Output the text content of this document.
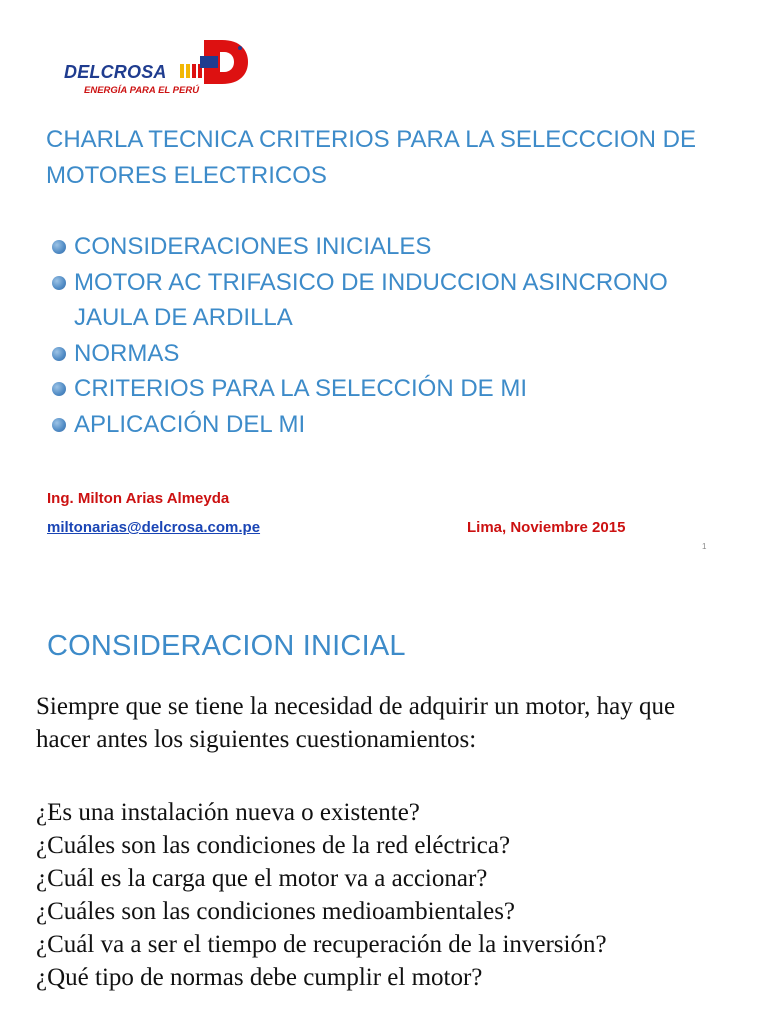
DELCROSA
ENERGÍA PARA EL PERÚ
CHARLA TECNICA CRITERIOS PARA LA SELECCCION DE MOTORES ELECTRICOS
CONSIDERACIONES INICIALES
MOTOR AC TRIFASICO DE INDUCCION ASINCRONO JAULA DE ARDILLA
NORMAS
CRITERIOS PARA LA SELECCIÓN DE MI
APLICACIÓN DEL MI
Ing. Milton Arias Almeyda
miltonarias@delcrosa.com.pe	Lima, Noviembre 2015
1
CONSIDERACION INICIAL
Siempre que se tiene la necesidad de adquirir un motor, hay que hacer antes los siguientes cuestionamientos:
¿Es una instalación nueva o existente?
¿Cuáles son las condiciones de la red eléctrica?
¿Cuál es la carga que el motor va a accionar?
¿Cuáles son las condiciones medioambientales?
¿Cuál va a ser el tiempo de recuperación de la inversión?
¿Qué tipo de normas debe cumplir el motor?
